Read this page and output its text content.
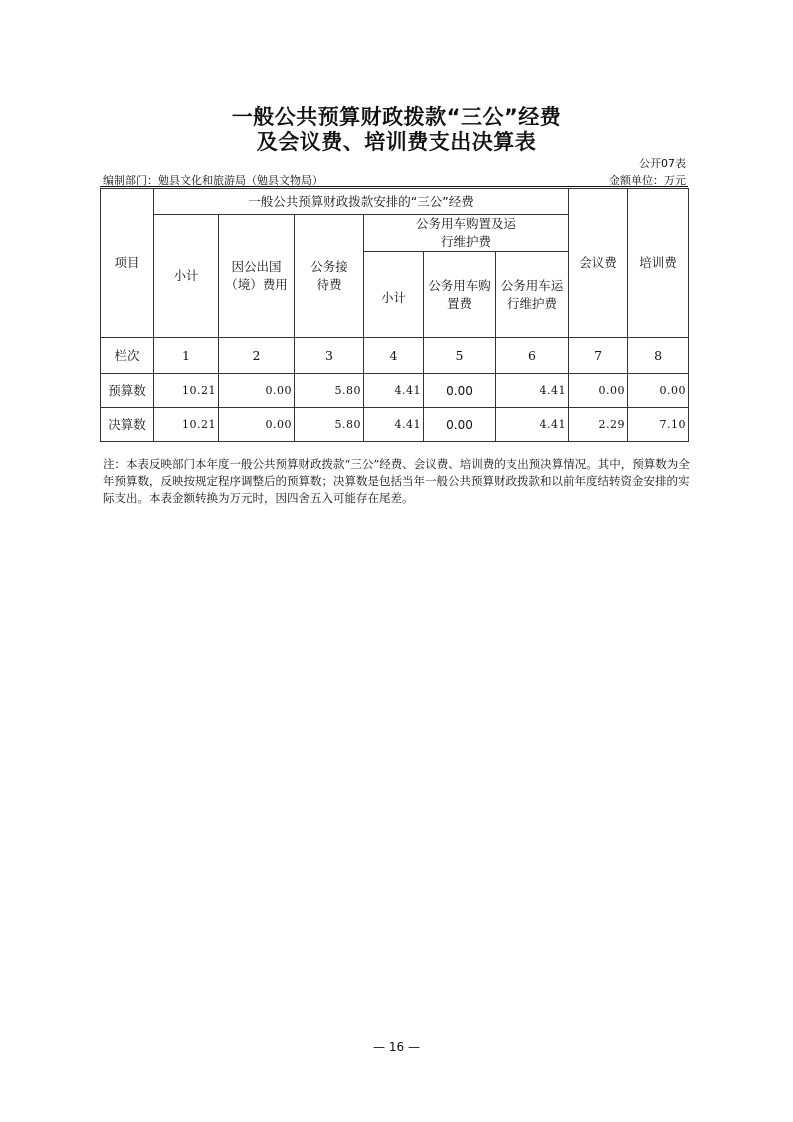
一般公共预算财政拨款“三公”经费
及会议费、培训费支出决算表
公开07表
编制部门：勉县文化和旅游局（勉县文物局）	金额单位：万元
项目	一般公共预算财政拨款安排的“三公”经费						会议费	培训费
	小计	因公出国（境）费用	公务接待费	公务用车购置及运行维护费				
				小计	公务用车购置费	公务用车运行维护费		
栏次	1	2	3	4	5	6	7	8
预算数	10.21	0.00	5.80	4.41	0.00	4.41	0.00	0.00
决算数	10.21	0.00	5.80	4.41	0.00	4.41	2.29	7.10
注：本表反映部门本年度一般公共预算财政拨款“三公”经费、会议费、培训费的支出预决算情况。其中，预算数为全年预算数，反映按规定程序调整后的预算数；决算数是包括当年一般公共预算财政拨款和以前年度结转资金安排的实际支出。本表金额转换为万元时，因四舍五入可能存在尾差。
— 16 —
